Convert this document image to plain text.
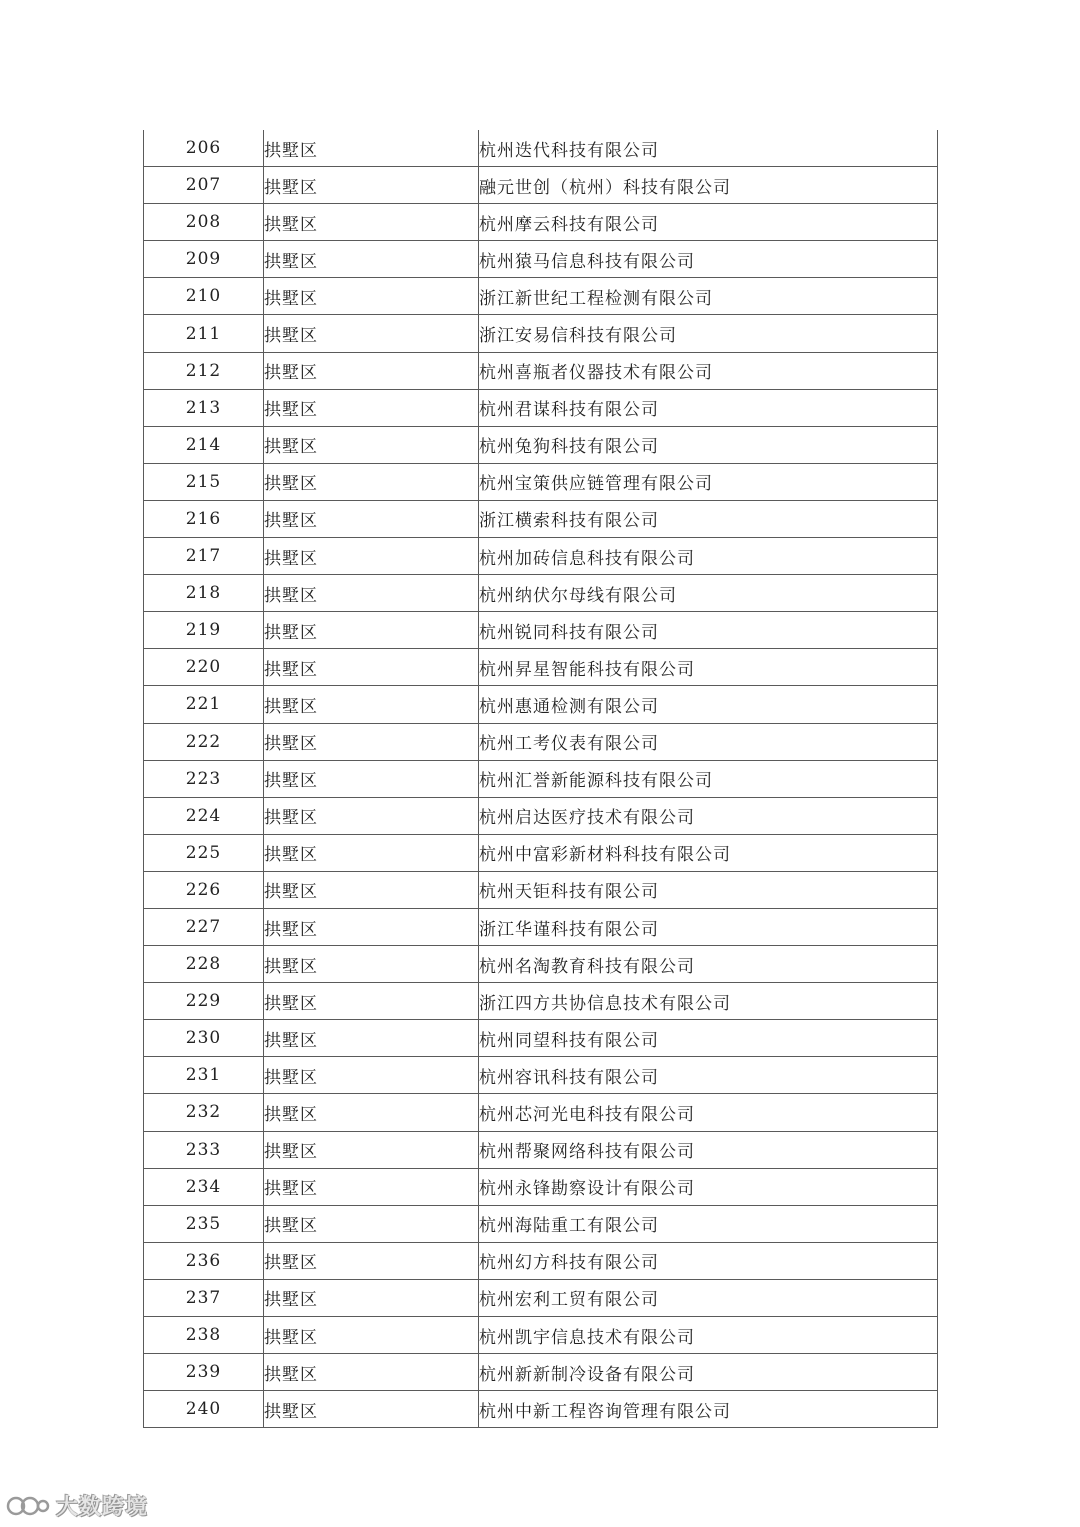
206	拱墅区	杭州迭代科技有限公司
207	拱墅区	融元世创（杭州）科技有限公司
208	拱墅区	杭州摩云科技有限公司
209	拱墅区	杭州猿马信息科技有限公司
210	拱墅区	浙江新世纪工程检测有限公司
211	拱墅区	浙江安易信科技有限公司
212	拱墅区	杭州喜瓶者仪器技术有限公司
213	拱墅区	杭州君谋科技有限公司
214	拱墅区	杭州兔狗科技有限公司
215	拱墅区	杭州宝策供应链管理有限公司
216	拱墅区	浙江横索科技有限公司
217	拱墅区	杭州加砖信息科技有限公司
218	拱墅区	杭州纳伏尔母线有限公司
219	拱墅区	杭州锐同科技有限公司
220	拱墅区	杭州昇星智能科技有限公司
221	拱墅区	杭州惠通检测有限公司
222	拱墅区	杭州工考仪表有限公司
223	拱墅区	杭州汇誉新能源科技有限公司
224	拱墅区	杭州启达医疗技术有限公司
225	拱墅区	杭州中富彩新材料科技有限公司
226	拱墅区	杭州天钜科技有限公司
227	拱墅区	浙江华谨科技有限公司
228	拱墅区	杭州名淘教育科技有限公司
229	拱墅区	浙江四方共协信息技术有限公司
230	拱墅区	杭州同望科技有限公司
231	拱墅区	杭州容讯科技有限公司
232	拱墅区	杭州芯河光电科技有限公司
233	拱墅区	杭州帮聚网络科技有限公司
234	拱墅区	杭州永锋勘察设计有限公司
235	拱墅区	杭州海陆重工有限公司
236	拱墅区	杭州幻方科技有限公司
237	拱墅区	杭州宏利工贸有限公司
238	拱墅区	杭州凯宇信息技术有限公司
239	拱墅区	杭州新新制冷设备有限公司
240	拱墅区	杭州中新工程咨询管理有限公司
大数跨境
